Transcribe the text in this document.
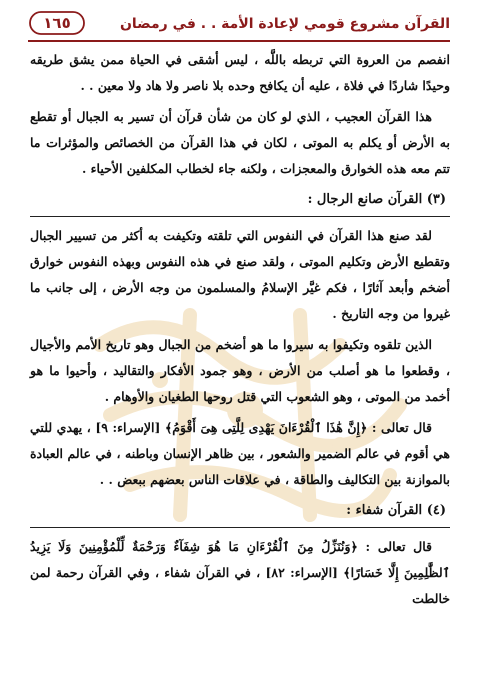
القرآن مشروع قومي لإعادة الأمة . . في رمضان
١٦٥

انفصم من العروة التي تربطه باللَّه ، ليس أشقى في الحياة ممن يشق طريقه وحيدًا شاردًا في فلاة ، عليه أن يكافح وحده بلا ناصر ولا هاد ولا معين . .

هذا القرآن العجيب ، الذي لو كان من شأن قرآن أن تسير به الجبال أو تقطع به الأرض أو يكلم به الموتى ، لكان في هذا القرآن من الخصائص والمؤثرات ما تتم معه هذه الخوارق والمعجزات ، ولكنه جاء لخطاب المكلفين الأحياء .

(٣) القرآن صانع الرجال :

لقد صنع هذا القرآن في النفوس التي تلقته وتكيفت به أكثر من تسيير الجبال وتقطيع الأرض وتكليم الموتى ، ولقد صنع في هذه النفوس وبهذه النفوس خوارق أضخم وأبعد آثارًا ، فكم غيَّر الإسلامُ والمسلمون من وجه الأرض ، إلى جانب ما غيروا من وجه التاريخ .

الذين تلقوه وتكيفوا به سيروا ما هو أضخم من الجبال وهو تاريخ الأمم والأجيال ، وقطعوا ما هو أصلب من الأرض ، وهو جمود الأفكار والتقاليد ، وأحيوا ما هو أخمد من الموتى ، وهو الشعوب التي قتل روحها الطغيان والأوهام .

قال تعالى : ﴿إِنَّ هَٰذَا ٱلْقُرْءَانَ يَهْدِى لِلَّتِى هِىَ أَقْوَمُ﴾ [الإسراء: ٩] ، يهدي للتي هي أقوم في عالم الضمير والشعور ، بين ظاهر الإنسان وباطنه ، في عالم العبادة بالموازنة بين التكاليف والطاقة ، في علاقات الناس بعضهم ببعض . .

(٤) القرآن شفاء :

قال تعالى : ﴿وَنُنَزِّلُ مِنَ ٱلْقُرْءَانِ مَا هُوَ شِفَآءٌ وَرَحْمَةٌ لِّلْمُؤْمِنِينَ وَلَا يَزِيدُ ٱلظَّٰلِمِينَ إِلَّا خَسَارًا﴾ [الإسراء: ٨٢] ، في القرآن شفاء ، وفي القرآن رحمة لمن خالطت
